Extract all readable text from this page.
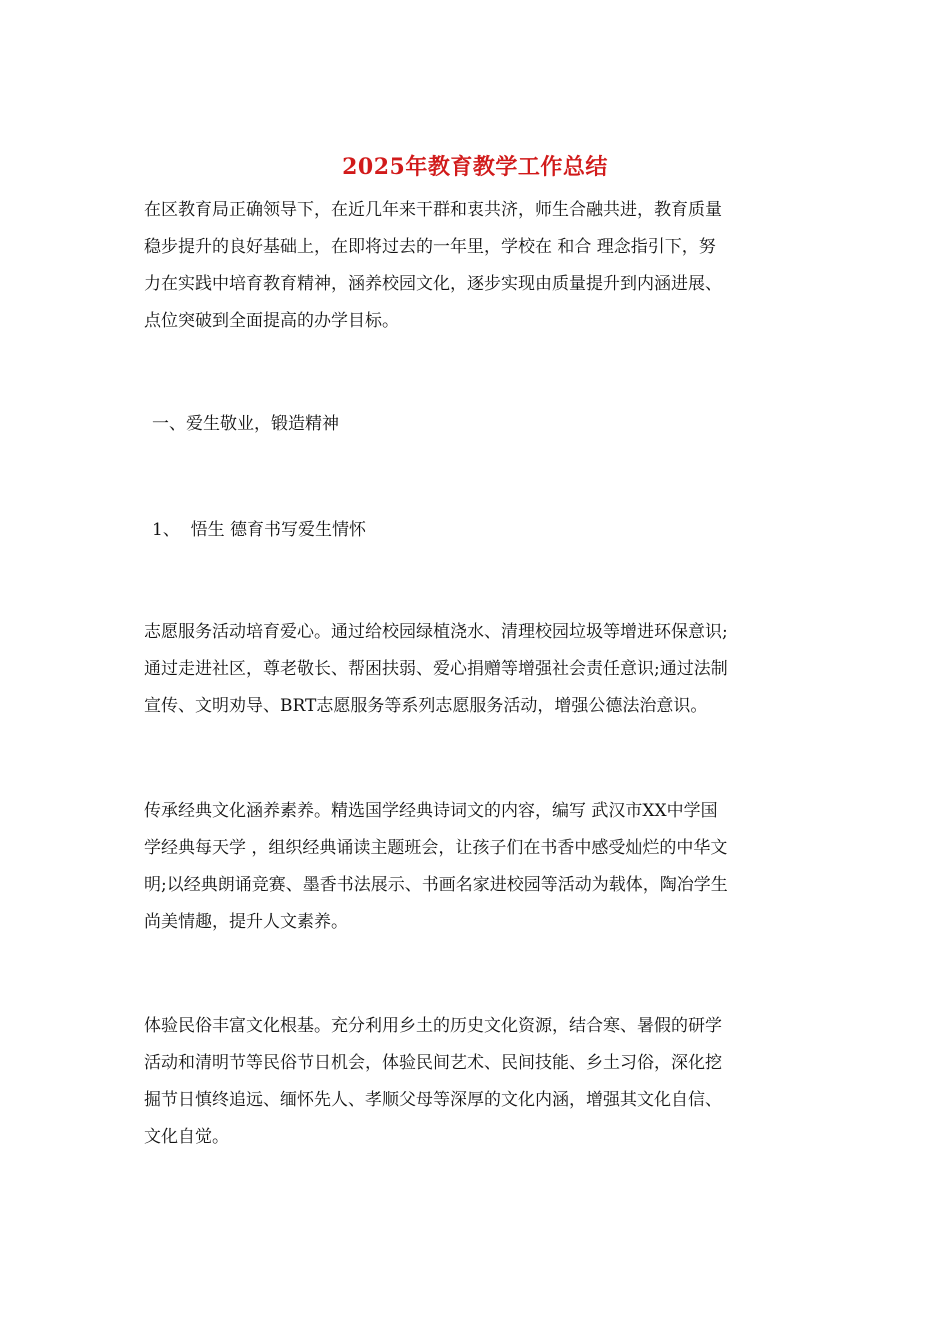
2025年教育教学工作总结
在区教育局正确领导下，在近几年来干群和衷共济，师生合融共进，教育质量
稳步提升的良好基础上，在即将过去的一年里，学校在 和合 理念指引下，努
力在实践中培育教育精神，涵养校园文化，逐步实现由质量提升到内涵进展、
点位突破到全面提高的办学目标。
一、爱生敬业，锻造精神
1、  悟生 德育书写爱生情怀
志愿服务活动培育爱心。通过给校园绿植浇水、清理校园垃圾等增进环保意识;
通过走进社区，尊老敬长、帮困扶弱、爱心捐赠等增强社会责任意识;通过法制
宣传、文明劝导、BRT志愿服务等系列志愿服务活动，增强公德法治意识。
传承经典文化涵养素养。精选国学经典诗词文的内容，编写 武汉市XX中学国
学经典每天学 ，组织经典诵读主题班会，让孩子们在书香中感受灿烂的中华文
明;以经典朗诵竞赛、墨香书法展示、书画名家进校园等活动为载体，陶冶学生
尚美情趣，提升人文素养。
体验民俗丰富文化根基。充分利用乡土的历史文化资源，结合寒、暑假的研学
活动和清明节等民俗节日机会，体验民间艺术、民间技能、乡土习俗，深化挖
掘节日慎终追远、缅怀先人、孝顺父母等深厚的文化内涵，增强其文化自信、
文化自觉。
